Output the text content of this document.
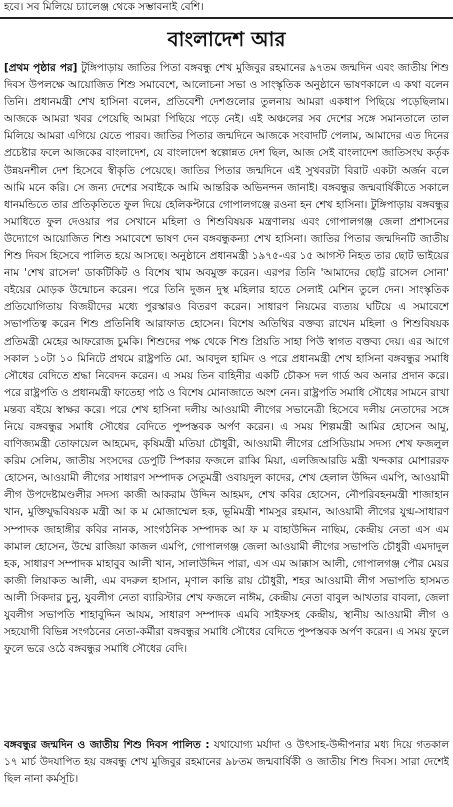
হবে। সব মিলিয়ে চ্যালেঞ্জ থেকে সম্ভাবনাই বেশি।
বাংলাদেশ আর

[প্রথম পৃষ্ঠার পর] টুঙ্গিপাড়ায় জাতির পিতা বঙ্গবন্ধু শেখ মুজিবুর রহমানের ৯৭তম জন্মদিন এবং জাতীয় শিশু দিবস উপলক্ষে আয়োজিত শিশু সমাবেশে, আলোচনা সভা ও সাংস্কৃতিক অনুষ্ঠানে ভাষণকালে এ কথা বলেন তিনি। প্রধানমন্ত্রী শেখ হাসিনা বলেন, প্রতিবেশী দেশগুলোর তুলনায় আমরা একধাপ পিছিয়ে পড়েছিলাম। আজকে আমরা খবর পেয়েছি আমরা পিছিয়ে পড়ে নেই। এই অঞ্চলের সব দেশের সঙ্গে সমানতালে তাল মিলিয়ে আমরা এগিয়ে যেতে পারব। জাতির পিতার জন্মদিনে আজকে সংবাদটি পেলাম, আমাদের এত দিনের প্রচেষ্টার ফলে আজকের বাংলাদেশ, যে বাংলাদেশ স্বল্পোন্নত দেশ ছিল, আজ সেই বাংলাদেশ জাতিসংঘ কর্তৃক উন্নয়নশীল দেশ হিসেবে স্বীকৃতি পেয়েছে। জাতির পিতার জন্মদিনে এই সুখবরটা বিরাট একটা অর্জন বলে আমি মনে করি। সে জন্য দেশের সবাইকে আমি আন্তরিক অভিনন্দন জানাই। বঙ্গবন্ধুর জন্মবার্ষিকীতে সকালে ধানমন্ডিতে তার প্রতিকৃতিতে ফুল দিয়ে হেলিকপ্টারে গোপালগঞ্জে রওনা হন শেখ হাসিনা। টুঙ্গিপাড়ায় বঙ্গবন্ধুর সমাধিতে ফুল দেওয়ার পর সেখানে মহিলা ও শিশুবিষয়ক মন্ত্রণালয় এবং গোপালগঞ্জ জেলা প্রশাসনের উদ্যোগে আয়োজিত শিশু সমাবেশে ভাষণ দেন বঙ্গবন্ধুকন্যা শেখ হাসিনা। জাতির পিতার জন্মদিনটি জাতীয় শিশু দিবস হিসেবে পালিত হয়ে আসছে। অনুষ্ঠানে প্রধানমন্ত্রী ১৯৭৫-এর ১৫ আগস্ট নিহত তার ছোট ভাইয়ের নাম 'শেখ রাসেল' ডাকটিকিট ও বিশেষ খাম অবমুক্ত করেন। এরপর তিনি 'আমাদের ছোট্ট রাসেল সোনা' বইয়ের মোড়ক উন্মোচন করেন। পরে তিনি দুজন দুস্থ মহিলার হাতে সেলাই মেশিন তুলে দেন। সাংস্কৃতিক প্রতিযোগিতায় বিজয়ীদের মধ্যে পুরস্কারও বিতরণ করেন। সাধারণ নিয়মের ব্যত্যয় ঘটিয়ে এ সমাবেশে সভাপতিত্ব করেন শিশু প্রতিনিধি আরাফাত হোসেন। বিশেষ অতিথির বক্তব্য রাখেন মহিলা ও শিশুবিষয়ক প্রতিমন্ত্রী মেহের আফরোজ চুমকি। শিশুদের পক্ষ থেকে শিশু প্রিয়তি সাহা পিউ স্বাগত বক্তব্য দেয়। এর আগে সকাল ১০টা ১০ মিনিটে প্রথমে রাষ্ট্রপতি মো. আবদুল হামিদ ও পরে প্রধানমন্ত্রী শেখ হাসিনা বঙ্গবন্ধুর সমাধি সৌধের বেদিতে শ্রদ্ধা নিবেদন করেন। এ সময় তিন বাহিনীর একটি চৌকস দল গার্ড অব অনার প্রদান করে। পরে রাষ্ট্রপতি ও প্রধানমন্ত্রী ফাতেহা পাঠ ও বিশেষ মোনাজাতে অংশ নেন। রাষ্ট্রপতি সমাধি সৌধের সামনে রাখা মন্তব্য বইয়ে স্বাক্ষর করে। পরে শেখ হাসিনা দলীয় আওয়ামী লীগের সভানেত্রী হিসেবে দলীয় নেতাদের সঙ্গে নিয়ে বঙ্গবন্ধুর সমাধি সৌধের বেদিতে পুষ্পস্তবক অর্পণ করেন। এ সময় শিল্পমন্ত্রী আমির হোসেন আমু, বাণিজ্যমন্ত্রী তোফায়েল আহমেদ, কৃষিমন্ত্রী মতিয়া চৌধুরী, আওয়ামী লীগের প্রেসিডিয়াম সদস্য শেখ ফজলুল করিম সেলিম, জাতীয় সংসদের ডেপুটি স্পিকার ফজলে রাব্বি মিয়া, এলজিআরডি মন্ত্রী খন্দকার মোশাররফ হোসেন, আওয়ামী লীগের সাধারণ সম্পাদক সেতুমন্ত্রী ওবায়দুল কাদের, শেখ হেলাল উদ্দিন এমপি, আওয়ামী লীগ উপদেষ্টামণ্ডলীর সদস্য কাজী আকরাম উদ্দিন আহমদ, শেখ কবির হোসেন, নৌপরিবহনমন্ত্রী শাজাহান খান, মুক্তিযুদ্ধবিষয়ক মন্ত্রী আ ক ম মোজাম্মেল হক, ভূমিমন্ত্রী শামসুর রহমান, আওয়ামী লীগের যুগ্ম-সাধারণ সম্পাদক জাহাঙ্গীর কবির নানক, সাংগঠনিক সম্পাদক আ ফ ম বাহাউদ্দিন নাছিম, কেন্দ্রীয় নেতা এস এম কামাল হোসেন, উম্মে রাজিয়া কাজল এমপি, গোপালগঞ্জ জেলা আওয়ামী লীগের সভাপতি চৌধুরী এমদাদুল হক, সাধারণ সম্পাদক মাহাবুব আলী খান, সালাউদ্দিন পারা, এস এম আক্কাস আলী, গোপালগঞ্জ পৌর মেয়র কাজী লিয়াকত আলী, এম বদরুল হাসান, মৃণাল কান্তি রায় চৌধুরী, শহর আওয়ামী লীগ সভাপতি হাসমত আলী সিকদার চুনু, যুবলীগ নেতা ব্যারিস্টার শেখ ফজলে নাঈম, কেন্দ্রীয় নেতা বাবুল আখতার বাবলা, জেলা যুবলীগ সভাপতি শাহাবুদ্দিন আযম, সাধারণ সম্পাদক এমবি সাইফসহ কেন্দ্রীয়, স্থানীয় আওয়ামী লীগ ও সহযোগী বিভিন্ন সংগঠনের নেতা-কর্মীরা বঙ্গবন্ধুর সমাধি সৌধের বেদিতে পুষ্পস্তবক অর্পণ করেন। এ সময় ফুলে ফুলে ভরে ওঠে বঙ্গবন্ধুর সমাধি সৌধের বেদি।

বঙ্গবন্ধুর জন্মদিন ও জাতীয় শিশু দিবস পালিত : যথাযোগ্য মর্যাদা ও উৎসাহ-উদ্দীপনার মধ্য দিয়ে গতকাল ১৭ মার্চ উদযাপিত হয় বঙ্গবন্ধু শেখ মুজিবুর রহমানের ৯৮তম জন্মবার্ষিকী ও জাতীয় শিশু দিবস। সারা দেশেই ছিল নানা কর্মসূচি।
